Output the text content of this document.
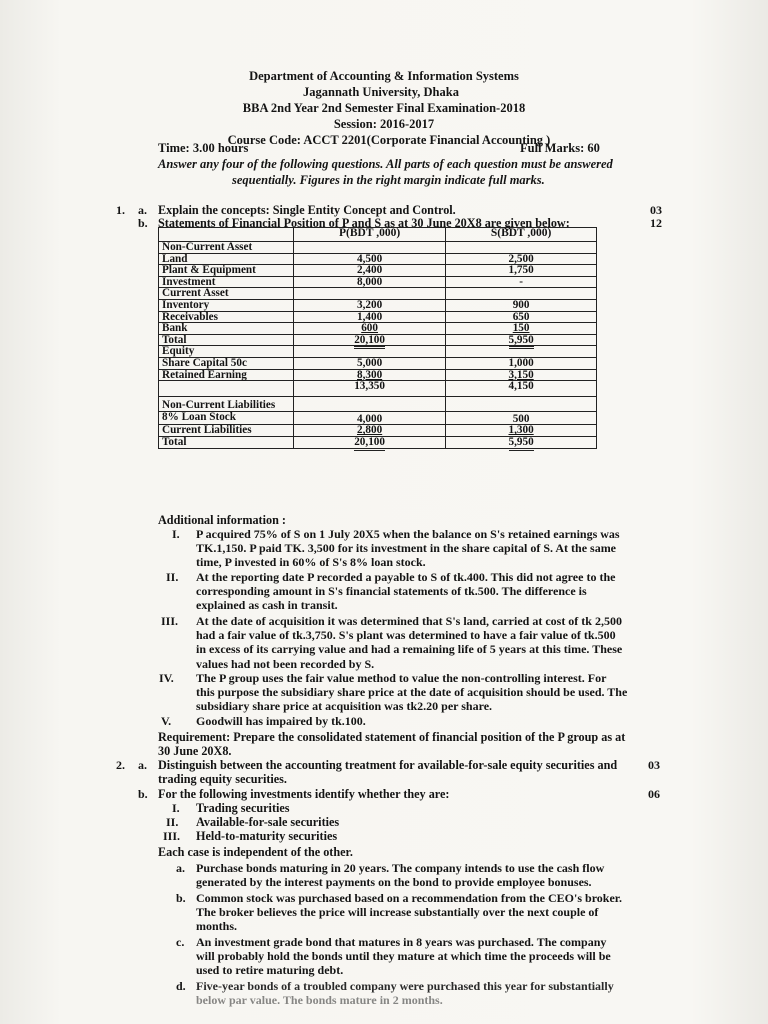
Department of Accounting & Information Systems
Jagannath University, Dhaka
BBA 2nd Year 2nd Semester Final Examination-2018
Session: 2016-2017
Course Code: ACCT 2201(Corporate Financial Accounting )
Time: 3.00 hours	Full Marks: 60
Answer any four of the following questions. All parts of each question must be answered
sequentially. Figures in the right margin indicate full marks.
1. a. Explain the concepts: Single Entity Concept and Control.	03
b. Statements of Financial Position of P and S as at 30 June 20X8 are given below:	12
	P(BDT ,000)	S(BDT ,000)
Non-Current Asset		
Land	4,500	2,500
Plant & Equipment	2,400	1,750
Investment	8,000	-
Current Asset		
Inventory	3,200	900
Receivables	1,400	650
Bank	600	150
Total	20,100	5,950
Equity		
Share Capital 50c	5,000	1,000
Retained Earning	8,300	3,150
	13,350	4,150
Non-Current Liabilities		
8% Loan Stock	4,000	500
Current Liabilities	2,800	1,300
Total	20,100	5,950
Additional information :
I. P acquired 75% of S on 1 July 20X5 when the balance on S's retained earnings was
TK.1,150. P paid TK. 3,500 for its investment in the share capital of S. At the same
time, P invested in 60% of S's 8% loan stock.
II. At the reporting date P recorded a payable to S of tk.400. This did not agree to the
corresponding amount in S's financial statements of tk.500. The difference is
explained as cash in transit.
III. At the date of acquisition it was determined that S's land, carried at cost of tk 2,500
had a fair value of tk.3,750. S's plant was determined to have a fair value of tk.500
in excess of its carrying value and had a remaining life of 5 years at this time. These
values had not been recorded by S.
IV. The P group uses the fair value method to value the non-controlling interest. For
this purpose the subsidiary share price at the date of acquisition should be used. The
subsidiary share price at acquisition was tk2.20 per share.
V. Goodwill has impaired by tk.100.
Requirement: Prepare the consolidated statement of financial position of the P group as at
30 June 20X8.
2. a. Distinguish between the accounting treatment for available-for-sale equity securities and	03
trading equity securities.
b. For the following investments identify whether they are:	06
I. Trading securities
II. Available-for-sale securities
III. Held-to-maturity securities
Each case is independent of the other.
a. Purchase bonds maturing in 20 years. The company intends to use the cash flow
generated by the interest payments on the bond to provide employee bonuses.
b. Common stock was purchased based on a recommendation from the CEO's broker.
The broker believes the price will increase substantially over the next couple of
months.
c. An investment grade bond that matures in 8 years was purchased. The company
will probably hold the bonds until they mature at which time the proceeds will be
used to retire maturing debt.
d. Five-year bonds of a troubled company were purchased this year for substantially
below par value. The bonds mature in 2 months.
